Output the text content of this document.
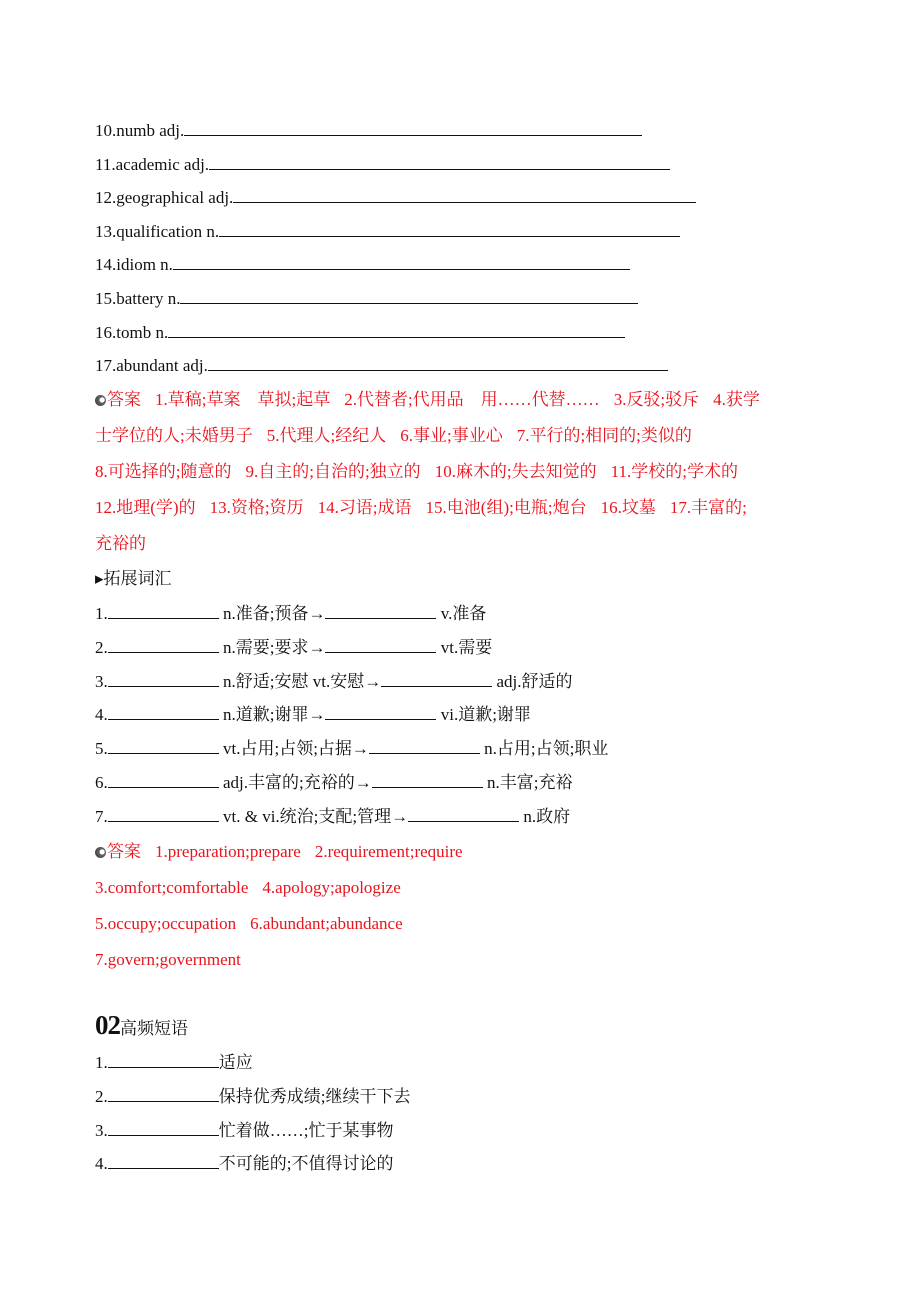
10.numb adj.
11.academic adj.
12.geographical adj.
13.qualification n.
14.idiom n.
15.battery n.
16.tomb n.
17.abundant adj.
答案 1.草稿;草案　草拟;起草 2.代替者;代用品　用……代替…… 3.反驳;驳斥 4.获学
士学位的人;未婚男子 5.代理人;经纪人 6.事业;事业心 7.平行的;相同的;类似的
8.可选择的;随意的 9.自主的;自治的;独立的 10.麻木的;失去知觉的 11.学校的;学术的
12.地理(学)的 13.资格;资历 14.习语;成语 15.电池(组);电瓶;炮台 16.坟墓 17.丰富的;
充裕的
▸拓展词汇
1.	n.准备;预备→	v.准备
2.	n.需要;要求→	vt.需要
3.	n.舒适;安慰 vt.安慰→	adj.舒适的
4.	n.道歉;谢罪→	vi.道歉;谢罪
5.	vt.占用;占领;占据→	n.占用;占领;职业
6.	adj.丰富的;充裕的→	n.丰富;充裕
7.	vt. & vi.统治;支配;管理→	n.政府
答案 1.preparation;prepare 2.requirement;require
3.comfort;comfortable 4.apology;apologize
5.occupy;occupation 6.abundant;abundance
7.govern;government
02高频短语
1.	适应
2.	保持优秀成绩;继续干下去
3.	忙着做……;忙于某事物
4.	不可能的;不值得讨论的
